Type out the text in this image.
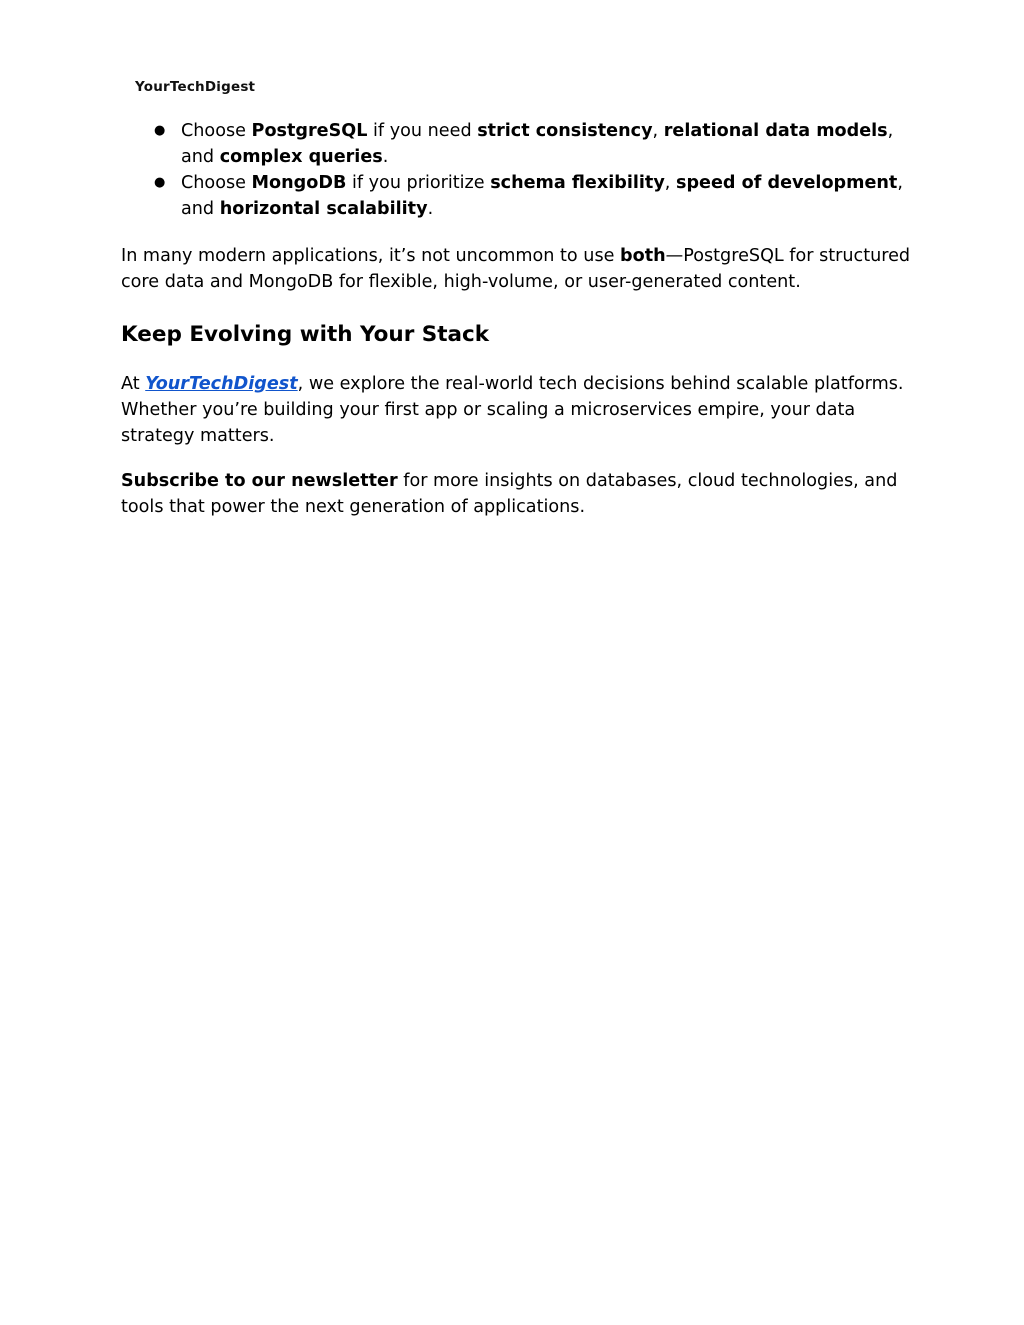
YourTechDigest
● Choose PostgreSQL if you need strict consistency, relational data models, and complex queries.
● Choose MongoDB if you prioritize schema flexibility, speed of development, and horizontal scalability.

In many modern applications, it’s not uncommon to use both—PostgreSQL for structured core data and MongoDB for flexible, high-volume, or user-generated content.

Keep Evolving with Your Stack

At YourTechDigest, we explore the real-world tech decisions behind scalable platforms. Whether you’re building your first app or scaling a microservices empire, your data strategy matters.

Subscribe to our newsletter for more insights on databases, cloud technologies, and tools that power the next generation of applications.
